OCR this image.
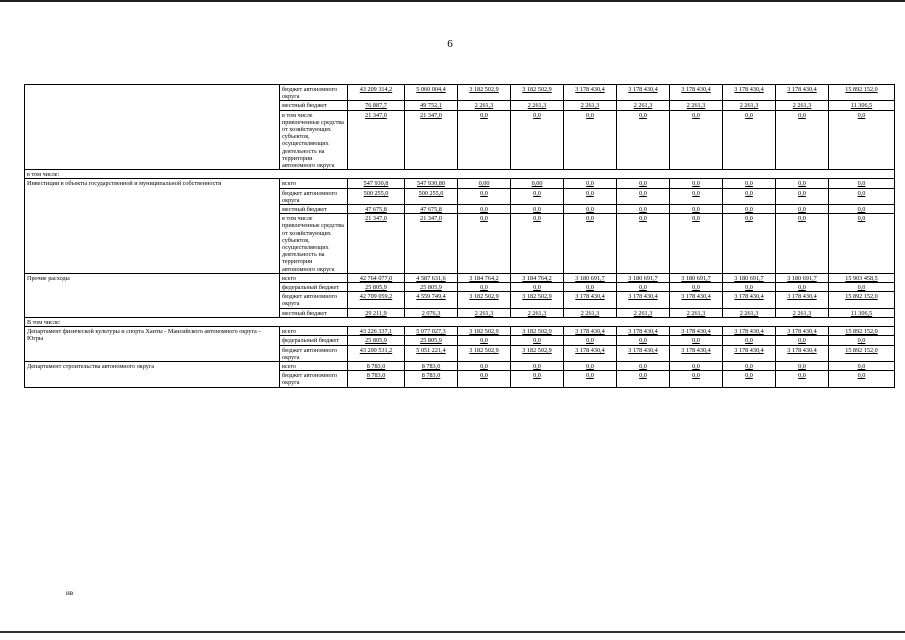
6
	бюджет автономного округа	43 209 314,2	5 060 004,4	3 182 502,9	3 182 502,9	3 178 430,4	3 178 430,4	3 178 430,4	3 178 430,4	3 178 430,4	15 892 152,0
	местный бюджет	76 887,7	49 752,1	2 261,3	2 261,3	2 261,3	2 261,3	2 261,3	2 261,3	2 261,3	11 306,5
	в том числе привлеченные средства от хозяйствующих субъектов, осуществляющих деятельность на территории автономного округа	21 347,0	21 347,0	0,0	0,0	0,0	0,0	0,0	0,0	0,0	0,0
в том числе:											
Инвестиции в объекты государственной и муниципальной собственности	всего	547 930,8	547 930,80	0,00	0,00	0,0	0,0	0,0	0,0	0,0	0,0
	бюджет автономного округа	500 255,0	500 255,0	0,0	0,0	0,0	0,0	0,0	0,0	0,0	0,0
	местный бюджет	47 675,8	47 675,8	0,0	0,0	0,0	0,0	0,0	0,0	0,0	0,0
	в том числе привлеченные средства от хозяйствующих субъектов, осуществляющих деятельность на территории автономного округа	21 347,0	21 347,0	0,0	0,0	0,0	0,0	0,0	0,0	0,0	0,0
Прочие расходы	всего	42 764 077,0	4 587 631,6	3 184 764,2	3 184 764,2	3 180 691,7	3 180 691,7	3 180 691,7	3 180 691,7	3 180 691,7	15 903 458,5
	федеральный бюджет	25 805,9	25 805,9	0,0	0,0	0,0	0,0	0,0	0,0	0,0	0,0
	бюджет автономного округа	42 709 059,2	4 559 749,4	3 182 502,9	3 182 502,9	3 178 430,4	3 178 430,4	3 178 430,4	3 178 430,4	3 178 430,4	15 892 152,0
	местный бюджет	29 211,9	2 076,3	2 261,3	2 261,3	2 261,3	2 261,3	2 261,3	2 261,3	2 261,3	11 306,5
В том числе:											
Департамент физической культуры и спорта Ханты - Мансийского автономного округа – Югры	всего	43 226 337,1	5 077 027,3	3 182 502,9	3 182 502,9	3 178 430,4	3 178 430,4	3 178 430,4	3 178 430,4	3 178 430,4	15 892 152,0
	федеральный бюджет	25 805,9	25 805,9	0,0	0,0	0,0	0,0	0,0	0,0	0,0	0,0
	бюджет автономного округа	43 200 531,2	5 051 221,4	3 182 502,9	3 182 502,9	3 178 430,4	3 178 430,4	3 178 430,4	3 178 430,4	3 178 430,4	15 892 152,0
Департамент строительства автономного округа	всего	8 783,0	8 783,0	0,0	0,0	0,0	0,0	0,0	0,0	0,0	0,0
	бюджет автономного округа	8 783,0	8 783,0	0,0	0,0	0,0	0,0	0,0	0,0	0,0	0,0
нв
